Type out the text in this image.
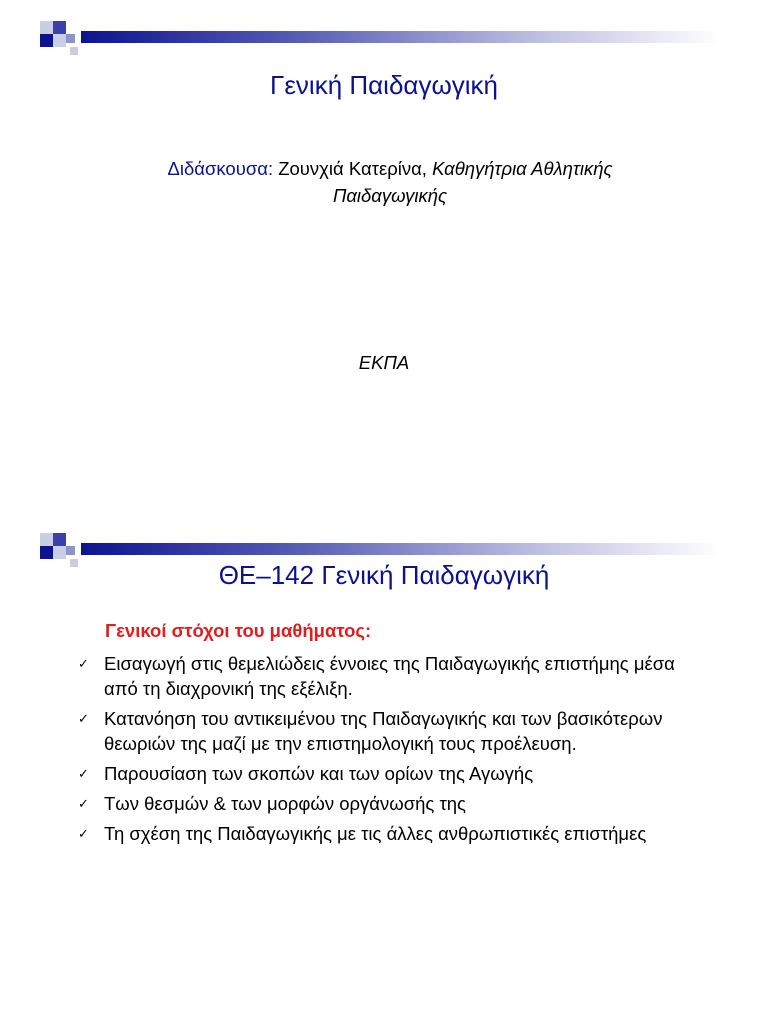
Γενική Παιδαγωγική
Διδάσκουσα: Ζουνχιά Κατερίνα, Καθηγήτρια Αθλητικής
Παιδαγωγικής
ΕΚΠΑ
ΘΕ–142 Γενική Παιδαγωγική
Γενικοί στόχοι του μαθήματος:
✓ Εισαγωγή στις θεμελιώδεις έννοιες της Παιδαγωγικής επιστήμης μέσα από τη διαχρονική της εξέλιξη.
✓ Κατανόηση του αντικειμένου της Παιδαγωγικής και των βασικότερων θεωριών της μαζί με την επιστημολογική τους προέλευση.
✓ Παρουσίαση των σκοπών και των ορίων της Αγωγής
✓ Των θεσμών & των μορφών οργάνωσής της
✓ Τη σχέση της Παιδαγωγικής με τις άλλες ανθρωπιστικές επιστήμες
